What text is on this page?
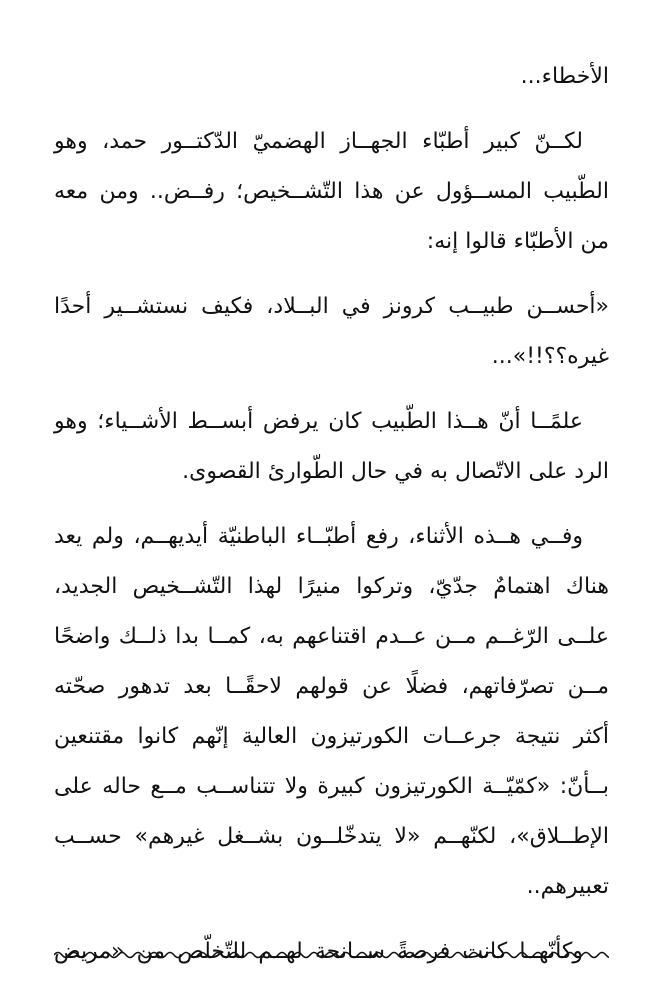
الأخطاء...
لكــنّ كبير أطبّاء الجهــاز الهضميّ الدّكتــور حمد، وهو
الطّبيب المســؤول عن هذا التّشــخيص؛ رفــض.. ومن معه
من الأطبّاء قالوا إنه:
«أحســن طبيــب كرونز في البــلاد، فكيف نستشــير أحدًا
غيره؟؟!!»...
علمًــا أنّ هــذا الطّبيب كان يرفض أبســط الأشــياء؛ وهو
الرد على الاتّصال به في حال الطّوارئ القصوى.
وفــي هــذه الأثناء، رفع أطبّــاء الباطنيّة أيديهــم، ولم يعد
هناك اهتمامٌ جدّيّ، وتركوا منيرًا لهذا التّشــخيص الجديد،
علــى الرّغــم مــن عــدم اقتناعهم به، كمــا بدا ذلــك واضحًا
مــن تصرّفاتهم، فضلًا عن قولهم لاحقًــا بعد تدهور صحّته
أكثر نتيجة جرعــات الكورتيزون العالية إنّهم كانوا مقتنعين
بــأنّ: «كمّيّــة الكورتيزون كبيرة ولا تتناســب مــع حاله على
الإطــلاق»، لكنّهــم «لا يتدخّلــون بشــغل غيرهم» حســب
تعبيرهم..
وكأنّهــا كانت فرصةً ســانحة لهــم للتّخلّص من «مريض
